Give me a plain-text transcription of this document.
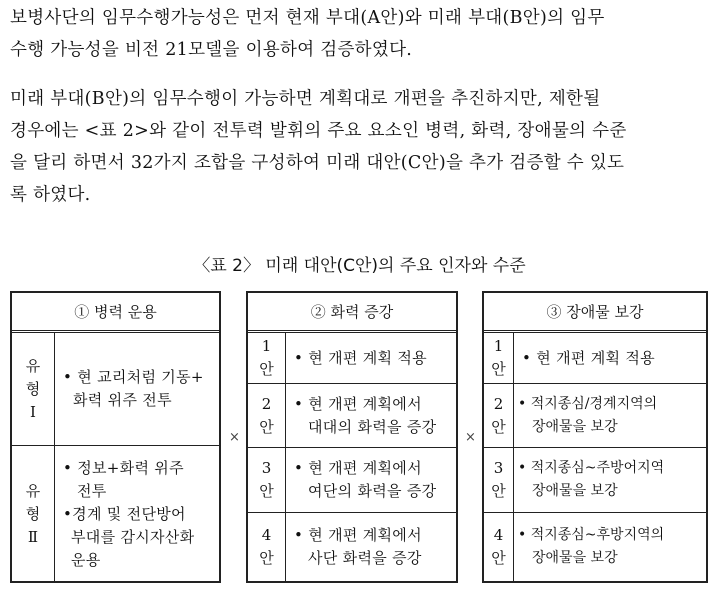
보병사단의 임무수행가능성은 먼저 현재 부대(A안)와 미래 부대(B안)의 임무
수행 가능성을 비전 21모델을 이용하여 검증하였다.
미래 부대(B안)의 임무수행이 가능하면 계획대로 개편을 추진하지만, 제한될
경우에는 <표 2>와 같이 전투력 발휘의 주요 요소인 병력, 화력, 장애물의 수준
을 달리 하면서 32가지 조합을 구성하여 미래 대안(C안)을 추가 검증할 수 있도
록 하였다.
〈표 2〉 미래 대안(C안)의 주요 인자와 수준
① 병력 운용
유
형
Ⅰ
• 현 교리처럼 기동+
화력 위주 전투
유
형
Ⅱ
• 정보+화력 위주
전투
•경계 및 전단방어
부대를 감시자산화
운용
×
② 화력 증강
1
안
• 현 개편 계획 적용
2
안
• 현 개편 계획에서
대대의 화력을 증강
3
안
• 현 개편 계획에서
여단의 화력을 증강
4
안
• 현 개편 계획에서
사단 화력을 증강
×
③ 장애물 보강
1
안
• 현 개편 계획 적용
2
안
• 적지종심/경계지역의
장애물을 보강
3
안
• 적지종심~주방어지역
장애물을 보강
4
안
• 적지종심~후방지역의
장애물을 보강
